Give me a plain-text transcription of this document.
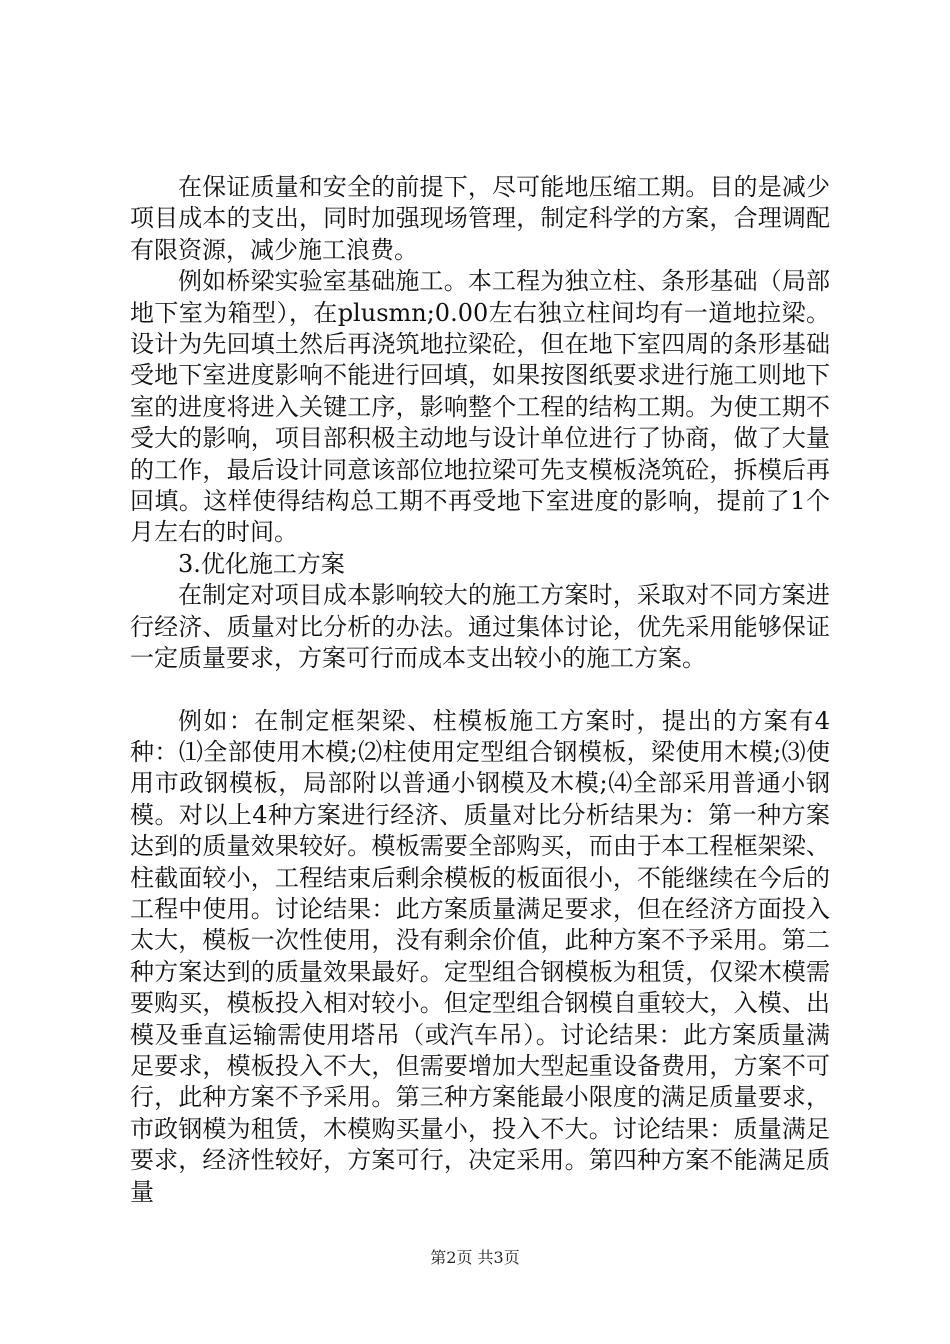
在保证质量和安全的前提下，尽可能地压缩工期。目的是减少项目成本的支出，同时加强现场管理，制定科学的方案，合理调配有限资源，减少施工浪费。

例如桥梁实验室基础施工。本工程为独立柱、条形基础（局部地下室为箱型），在plusmn;0.00左右独立柱间均有一道地拉梁。设计为先回填土然后再浇筑地拉梁砼，但在地下室四周的条形基础受地下室进度影响不能进行回填，如果按图纸要求进行施工则地下室的进度将进入关键工序，影响整个工程的结构工期。为使工期不受大的影响，项目部积极主动地与设计单位进行了协商，做了大量的工作，最后设计同意该部位地拉梁可先支模板浇筑砼，拆模后再回填。这样使得结构总工期不再受地下室进度的影响，提前了1个月左右的时间。

3.优化施工方案

在制定对项目成本影响较大的施工方案时，采取对不同方案进行经济、质量对比分析的办法。通过集体讨论，优先采用能够保证一定质量要求，方案可行而成本支出较小的施工方案。

例如：在制定框架梁、柱模板施工方案时，提出的方案有4种：⑴全部使用木模;⑵柱使用定型组合钢模板，梁使用木模;⑶使用市政钢模板，局部附以普通小钢模及木模;⑷全部采用普通小钢模。对以上4种方案进行经济、质量对比分析结果为：第一种方案达到的质量效果较好。模板需要全部购买，而由于本工程框架梁、柱截面较小，工程结束后剩余模板的板面很小，不能继续在今后的工程中使用。讨论结果：此方案质量满足要求，但在经济方面投入太大，模板一次性使用，没有剩余价值，此种方案不予采用。第二种方案达到的质量效果最好。定型组合钢模板为租赁，仅梁木模需要购买，模板投入相对较小。但定型组合钢模自重较大，入模、出模及垂直运输需使用塔吊（或汽车吊）。讨论结果：此方案质量满足要求，模板投入不大，但需要增加大型起重设备费用，方案不可行，此种方案不予采用。第三种方案能最小限度的满足质量要求，市政钢模为租赁，木模购买量小，投入不大。讨论结果：质量满足要求，经济性较好，方案可行，决定采用。第四种方案不能满足质量

第2页 共3页
